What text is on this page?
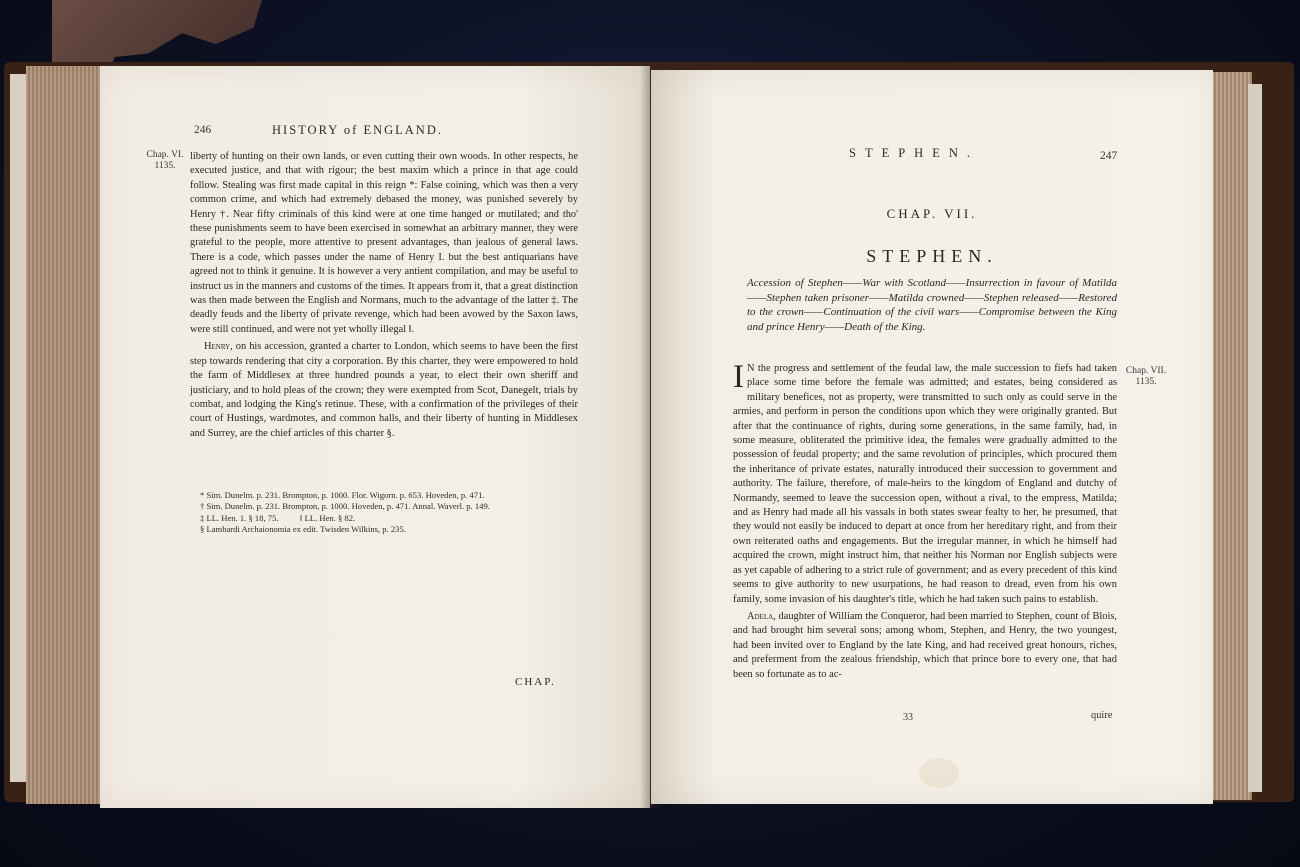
246	HISTORY of ENGLAND.
Chap. VI.
1135.

liberty of hunting on their own lands, or even cutting their own woods. In other respects, he executed justice, and that with rigour; the best maxim which a prince in that age could follow. Stealing was first made capital in this reign *: False coining, which was then a very common crime, and which had extremely debased the money, was punished severely by Henry †. Near fifty criminals of this kind were at one time hanged or mutilated; and tho' these punishments seem to have been exercised in somewhat an arbitrary manner, they were grateful to the people, more attentive to present advantages, than jealous of general laws. There is a code, which passes under the name of Henry I. but the best antiquarians have agreed not to think it genuine. It is however a very antient compilation, and may be useful to instruct us in the manners and customs of the times. It appears from it, that a great distinction was then made between the English and Normans, much to the advantage of the latter ‡. The deadly feuds and the liberty of private revenge, which had been avowed by the Saxon laws, were still continued, and were not yet wholly illegal ‖.

Henry, on his accession, granted a charter to London, which seems to have been the first step towards rendering that city a corporation. By this charter, they were empowered to hold the farm of Middlesex at three hundred pounds a year, to elect their own sheriff and justiciary, and to hold pleas of the crown; they were exempted from Scot, Danegelt, trials by combat, and lodging the King's retinue. These, with a confirmation of the privileges of their court of Hustings, wardmotes, and common halls, and their liberty of hunting in Middlesex and Surrey, are the chief articles of this charter §.

* Sim. Dunelm. p. 231. Brompton, p. 1000. Flor. Wigorn. p. 653. Hoveden, p. 471.
† Sim. Dunelm. p. 231. Brompton, p. 1000. Hoveden, p. 471. Annal. Waverl. p. 149.
‡ LL. Hen. 1. § 18, 75.          ‖ LL. Hen. § 82.
§ Lambardi Archaionomia ex edit. Twisden Wilkins, p. 235.
CHAP.
STEPHEN.	247
CHAP. VII.
STEPHEN.
Accession of Stephen——War with Scotland——Insurrection in favour of Matilda——Stephen taken prisoner——Matilda crowned——Stephen released——Restored to the crown——Continuation of the civil wars——Compromise between the King and prince Henry——Death of the King.
Chap. VII.
1135.

I N the progress and settlement of the feudal law, the male succession to fiefs had taken place some time before the female was admitted; and estates, being considered as military benefices, not as property, were transmitted to such only as could serve in the armies, and perform in person the conditions upon which they were originally granted. But after that the continuance of rights, during some generations, in the same family, had, in some measure, obliterated the primitive idea, the females were gradually admitted to the possession of feudal property; and the same revolution of principles, which procured them the inheritance of private estates, naturally introduced their succession to government and authority. The failure, therefore, of male-heirs to the kingdom of England and dutchy of Normandy, seemed to leave the succession open, without a rival, to the empress, Matilda; and as Henry had made all his vassals in both states swear fealty to her, he presumed, that they would not easily be induced to depart at once from her hereditary right, and from their own reiterated oaths and engagements. But the irregular manner, in which he himself had acquired the crown, might instruct him, that neither his Norman nor English subjects were as yet capable of adhering to a strict rule of government; and as every precedent of this kind seems to give authority to new usurpations, he had reason to dread, even from his own family, some invasion of his daughter's title, which he had taken such pains to establish.

Adela, daughter of William the Conqueror, had been married to Stephen, count of Blois, and had brought him several sons; among whom, Stephen, and Henry, the two youngest, had been invited over to England by the late King, and had received great honours, riches, and preferment from the zealous friendship, which that prince bore to every one, that had been so fortunate as to ac-

33	quire
